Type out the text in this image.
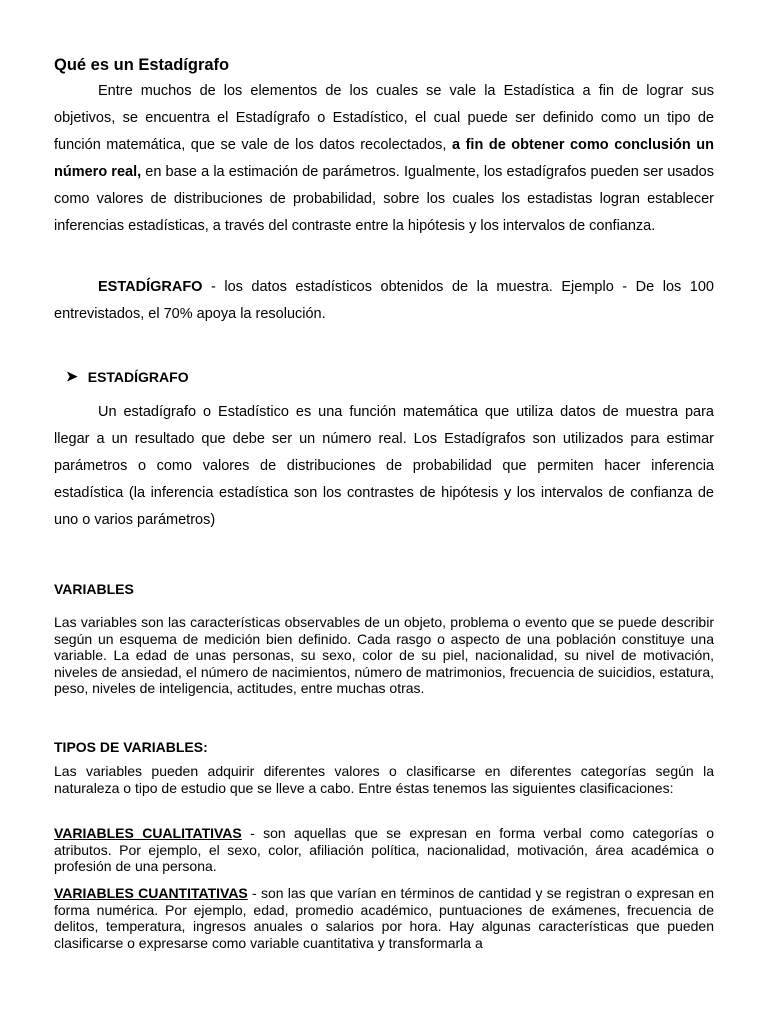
Qué es un Estadígrafo

Entre muchos de los elementos de los cuales se vale la Estadística a fin de lograr sus objetivos, se encuentra el Estadígrafo o Estadístico, el cual puede ser definido como un tipo de función matemática, que se vale de los datos recolectados, a fin de obtener como conclusión un número real, en base a la estimación de parámetros. Igualmente, los estadígrafos pueden ser usados como valores de distribuciones de probabilidad, sobre los cuales los estadistas logran establecer inferencias estadísticas, a través del contraste entre la hipótesis y los intervalos de confianza.

ESTADÍGRAFO - los datos estadísticos obtenidos de la muestra. Ejemplo - De los 100 entrevistados, el 70% apoya la resolución.

➤ ESTADÍGRAFO

Un estadígrafo o Estadístico es una función matemática que utiliza datos de muestra para llegar a un resultado que debe ser un número real. Los Estadígrafos son utilizados para estimar parámetros o como valores de distribuciones de probabilidad que permiten hacer inferencia estadística (la inferencia estadística son los contrastes de hipótesis y los intervalos de confianza de uno o varios parámetros)

VARIABLES

Las variables son las características observables de un objeto, problema o evento que se puede describir según un esquema de medición bien definido. Cada rasgo o aspecto de una población constituye una variable. La edad de unas personas, su sexo, color de su piel, nacionalidad, su nivel de motivación, niveles de ansiedad, el número de nacimientos, número de matrimonios, frecuencia de suicidios, estatura, peso, niveles de inteligencia, actitudes, entre muchas otras.

TIPOS DE VARIABLES:

Las variables pueden adquirir diferentes valores o clasificarse en diferentes categorías según la naturaleza o tipo de estudio que se lleve a cabo. Entre éstas tenemos las siguientes clasificaciones:

VARIABLES CUALITATIVAS - son aquellas que se expresan en forma verbal como categorías o atributos. Por ejemplo, el sexo, color, afiliación política, nacionalidad, motivación, área académica o profesión de una persona.

VARIABLES CUANTITATIVAS - son las que varían en términos de cantidad y se registran o expresan en forma numérica. Por ejemplo, edad, promedio académico, puntuaciones de exámenes, frecuencia de delitos, temperatura, ingresos anuales o salarios por hora. Hay algunas características que pueden clasificarse o expresarse como variable cuantitativa y transformarla a
